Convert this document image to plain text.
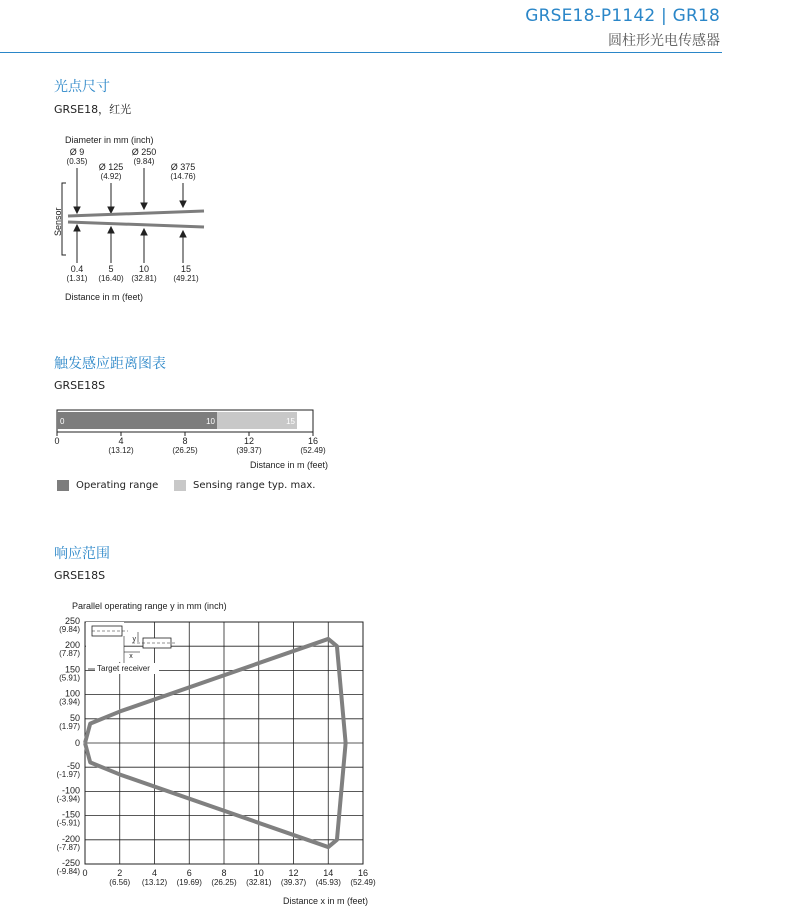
GRSE18-P1142 | GR18
圆柱形光电传感器
光点尺寸
GRSE18，红光
Diameter in mm (inch)
Ø 9
(0.35)
Ø 125
(4.92)
Ø 250
(9.84)
Ø 375
(14.76)
Sensor
0.4
(1.31)
5
(16.40)
10
(32.81)
15
(49.21)
Distance in m (feet)
触发感应距离图表
GRSE18S
0	10	15
0	4
(13.12)
8
(26.25)
12
(39.37)
16
(52.49)
Distance in m (feet)
Operating range	Sensing range typ. max.
响应范围
GRSE18S
Parallel operating range y in mm (inch)
250
(9.84)
200
(7.87)
150
(5.91)
100
(3.94)
50
(1.97)
0
-50
(-1.97)
-100
(-3.94)
-150
(-5.91)
-200
(-7.87)
-250
(-9.84) 0	2
(6.56)
4
(13.12)
6
(19.69)
8
(26.25)
10
(32.81)
12
(39.37)
14
(45.93)
16
(52.49)
y
x
Target receiver
Distance x in m (feet)
